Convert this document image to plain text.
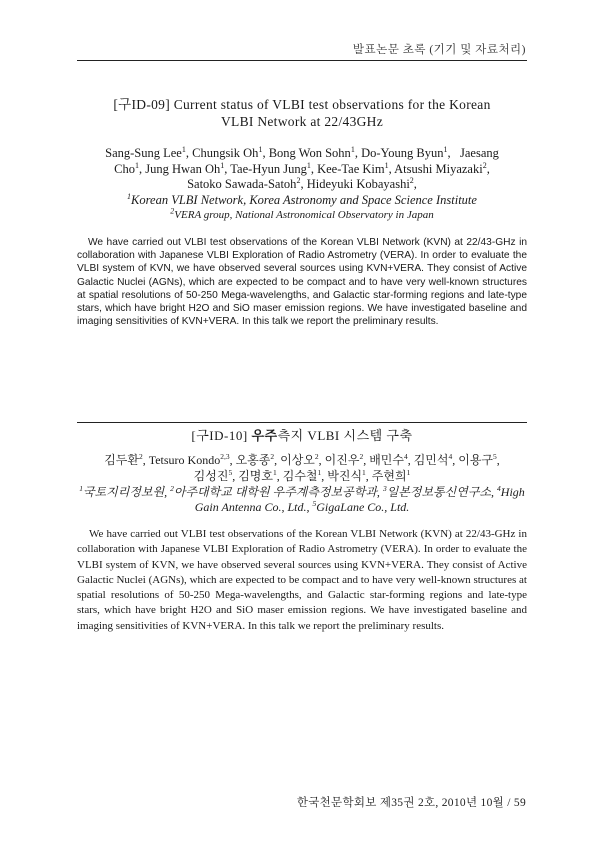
발표논문 초록 (기기 및 자료처리)
[구ID-09] Current status of VLBI test observations for the Korean
VLBI Network at 22/43GHz
Sang-Sung Lee$^1$, Chungsik Oh$^1$, Bong Won Sohn$^1$, Do-Young Byun$^1$,   Jaesang
Cho$^1$, Jung Hwan Oh$^1$, Tae-Hyun Jung$^1$, Kee-Tae Kim$^1$, Atsushi Miyazaki$^2$,
Satoko Sawada-Satoh$^2$, Hideyuki Kobayashi$^2$,
$^1$Korean VLBI Network, Korea Astronomy and Space Science Institute
$^2$VERA group, National Astronomical Observatory in Japan

We have carried out VLBI test observations of the Korean VLBI Network (KVN) at 22/43-GHz in collaboration with Japanese VLBI Exploration of Radio Astrometry (VERA). In order to evaluate the VLBI system of KVN, we have observed several sources using KVN+VERA. They consist of Active Galactic Nuclei (AGNs), which are expected to be compact and to have very well-known structures at spatial resolutions of 50-250 Mega-wavelengths, and Galactic star-forming regions and late-type stars, which have bright H2O and SiO maser emission regions. We have investigated baseline and imaging sensitivities of KVN+VERA. In this talk we report the preliminary results.

[구ID-10] 우주측지 VLBI 시스템 구축
김두환$^2$, Tetsuro Kondo$^{2,3}$, 오홍종$^2$, 이상오$^2$, 이진우$^2$, 배민수$^4$, 김민석$^4$, 이용구$^5$,
김성진$^5$, 김명호$^1$, 김수철$^1$, 박진식$^1$, 주현희$^1$
$^1$국토지리정보원, $^2$아주대학교 대학원 우주계측정보공학과, $^3$일본정보통신연구소, $^4$High
Gain Antenna Co., Ltd., $^5$GigaLane Co., Ltd.

We have carried out VLBI test observations of the Korean VLBI Network (KVN) at 22/43-GHz in collaboration with Japanese VLBI Exploration of Radio Astrometry (VERA). In order to evaluate the VLBI system of KVN, we have observed several sources using KVN+VERA. They consist of Active Galactic Nuclei (AGNs), which are expected to be compact and to have very well-known structures at spatial resolutions of 50-250 Mega-wavelengths, and Galactic star-forming regions and late-type stars, which have bright H2O and SiO maser emission regions. We have investigated baseline and imaging sensitivities of KVN+VERA. In this talk we report the preliminary results.

한국천문학회보 제35권 2호, 2010년 10월 / 59
